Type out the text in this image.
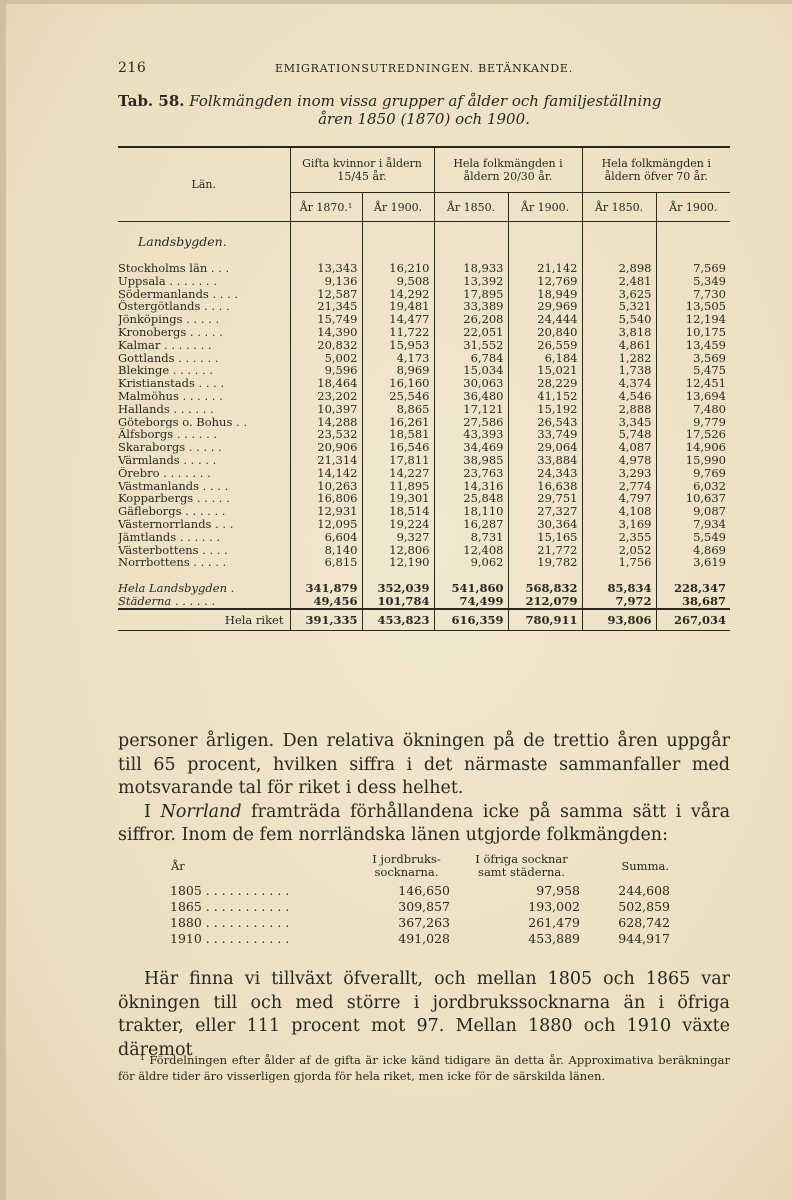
216	EMIGRATIONSUTREDNINGEN. BETÄNKANDE.
Tab. 58. Folkmängden inom vissa grupper af ålder och familjeställning
åren 1850 (1870) och 1900.
Län.	Gifta kvinnor i åldern 15/45 år.		Hela folkmängden i åldern 20/30 år.		Hela folkmängden i åldern öfver 70 år.	
	År 1870.¹	År 1900.	År 1850.	År 1900.	År 1850.	År 1900.
Landsbygden.						
Stockholms län . . .	13,343	16,210	18,933	21,142	2,898	7,569
Uppsala . . . . . . .	9,136	9,508	13,392	12,769	2,481	5,349
Södermanlands . . . .	12,587	14,292	17,895	18,949	3,625	7,730
Östergötlands . . . .	21,345	19,481	33,389	29,969	5,321	13,505
Jönköpings . . . . .	15,749	14,477	26,208	24,444	5,540	12,194
Kronobergs . . . . .	14,390	11,722	22,051	20,840	3,818	10,175
Kalmar . . . . . . .	20,832	15,953	31,552	26,559	4,861	13,459
Gottlands . . . . . .	5,002	4,173	6,784	6,184	1,282	3,569
Blekinge . . . . . .	9,596	8,969	15,034	15,021	1,738	5,475
Kristianstads . . . .	18,464	16,160	30,063	28,229	4,374	12,451
Malmöhus . . . . . .	23,202	25,546	36,480	41,152	4,546	13,694
Hallands . . . . . .	10,397	8,865	17,121	15,192	2,888	7,480
Göteborgs o. Bohus . .	14,288	16,261	27,586	26,543	3,345	9,779
Älfsborgs . . . . . .	23,532	18,581	43,393	33,749	5,748	17,526
Skaraborgs . . . . .	20,906	16,546	34,469	29,064	4,087	14,906
Värmlands . . . . .	21,314	17,811	38,985	33,884	4,978	15,990
Örebro . . . . . . .	14,142	14,227	23,763	24,343	3,293	9,769
Västmanlands . . . .	10,263	11,895	14,316	16,638	2,774	6,032
Kopparbergs . . . . .	16,806	19,301	25,848	29,751	4,797	10,637
Gäfleborgs . . . . . .	12,931	18,514	18,110	27,327	4,108	9,087
Västernorrlands . . .	12,095	19,224	16,287	30,364	3,169	7,934
Jämtlands . . . . . .	6,604	9,327	8,731	15,165	2,355	5,549
Västerbottens . . . .	8,140	12,806	12,408	21,772	2,052	4,869
Norrbottens . . . . .	6,815	12,190	9,062	19,782	1,756	3,619

Hela Landsbygden .	341,879	352,039	541,860	568,832	85,834	228,347
Städerna . . . . . .	49,456	101,784	74,499	212,079	7,972	38,687
Hela riket	391,335	453,823	616,359	780,911	93,806	267,034
personer årligen. Den relativa ökningen på de trettio åren uppgår till 65 procent, hvilken siffra i det närmaste sammanfaller med motsvarande tal för riket i dess helhet.
I Norrland framträda förhållandena icke på samma sätt i våra siffror. Inom de fem norrländska länen utgjorde folkmängden:
År	I jordbruks-socknarna.	I öfriga socknar samt städerna.	Summa.
1805 . . . . . . . . . . .	146,650	97,958	244,608
1865 . . . . . . . . . . .	309,857	193,002	502,859
1880 . . . . . . . . . . .	367,263	261,479	628,742
1910 . . . . . . . . . . .	491,028	453,889	944,917
Här finna vi tillväxt öfverallt, och mellan 1805 och 1865 var ökningen till och med större i jordbrukssocknarna än i öfriga trakter, eller 111 procent mot 97. Mellan 1880 och 1910 växte däremot
¹ Fördelningen efter ålder af de gifta är icke känd tidigare än detta år. Approximativa beräkningar för äldre tider äro visserligen gjorda för hela riket, men icke för de särskilda länen.
